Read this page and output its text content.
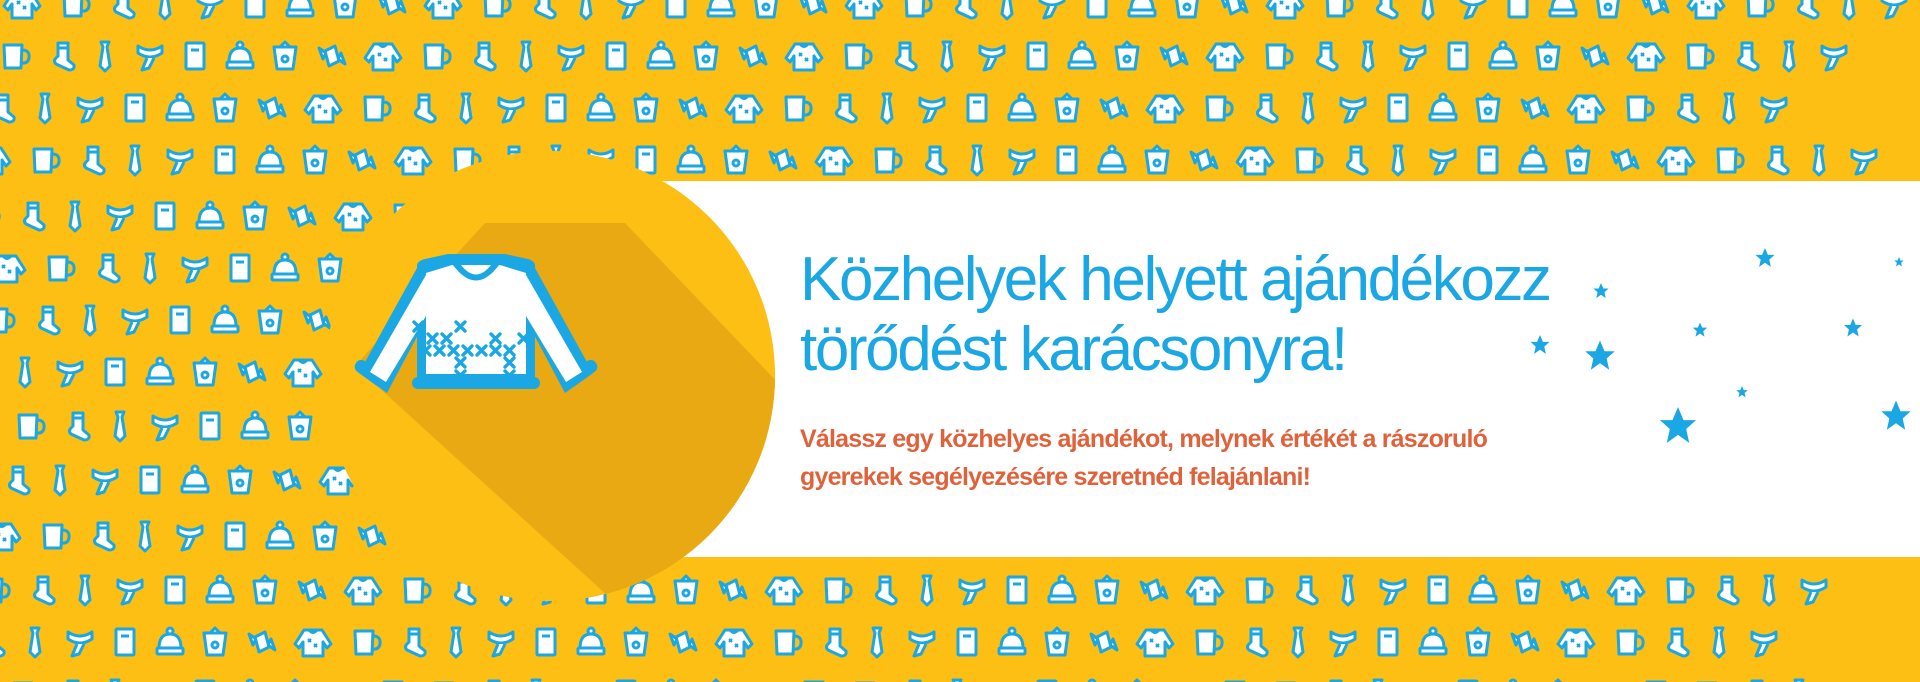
Közhelyek helyett ajándékozz
törődést karácsonyra!

Válassz egy közhelyes ajándékot, melynek értékét a rászoruló
gyerekek segélyezésére szeretnéd felajánlani!
